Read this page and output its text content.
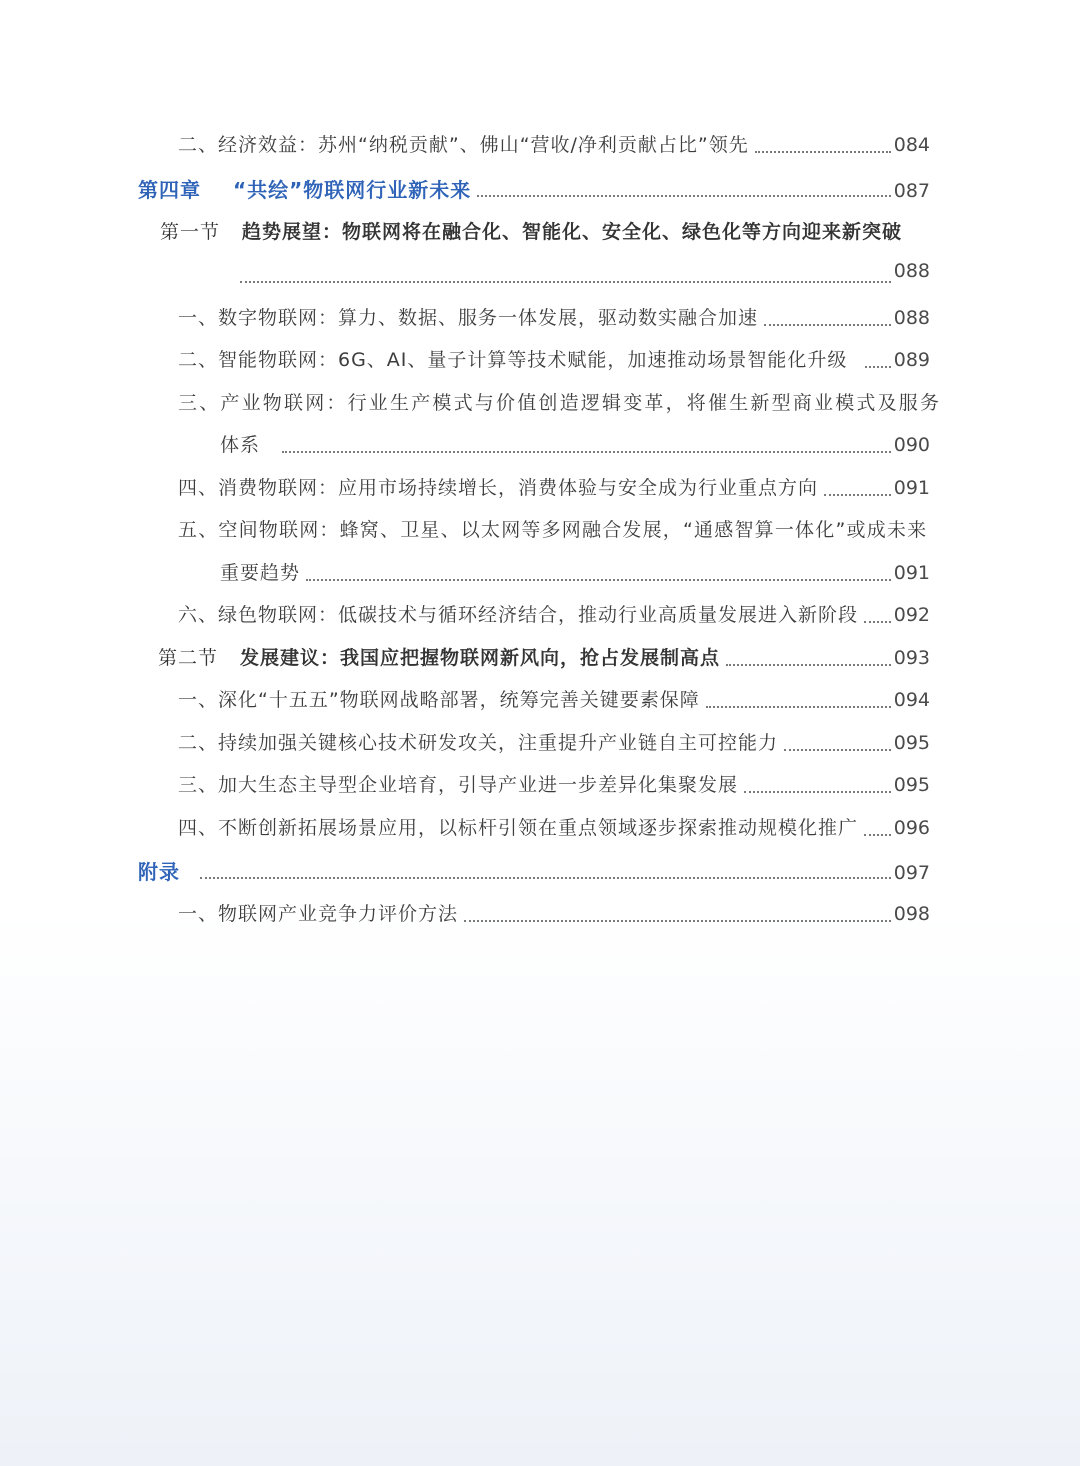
二、经济效益：苏州“纳税贡献”、佛山“营收/净利贡献占比”领先	084
第四章 “共绘”物联网行业新未来	087
第一节 趋势展望：物联网将在融合化、智能化、安全化、绿色化等方向迎来新突破
088
一、数字物联网：算力、数据、服务一体发展，驱动数实融合加速	088
二、智能物联网：6G、AI、量子计算等技术赋能，加速推动场景智能化升级 089
三、产业物联网：行业生产模式与价值创造逻辑变革，将催生新型商业模式及服务
体系	090
四、消费物联网：应用市场持续增长，消费体验与安全成为行业重点方向	091
五、空间物联网：蜂窝、卫星、以太网等多网融合发展，“通感智算一体化”或成未来
重要趋势	091
六、绿色物联网：低碳技术与循环经济结合，推动行业高质量发展进入新阶段 092
第二节 发展建议：我国应把握物联网新风向，抢占发展制高点	093
一、深化“十五五”物联网战略部署，统筹完善关键要素保障	094
二、持续加强关键核心技术研发攻关，注重提升产业链自主可控能力	095
三、加大生态主导型企业培育，引导产业进一步差异化集聚发展	095
四、不断创新拓展场景应用，以标杆引领在重点领域逐步探索推动规模化推广 096
附录	097
一、物联网产业竞争力评价方法	098
